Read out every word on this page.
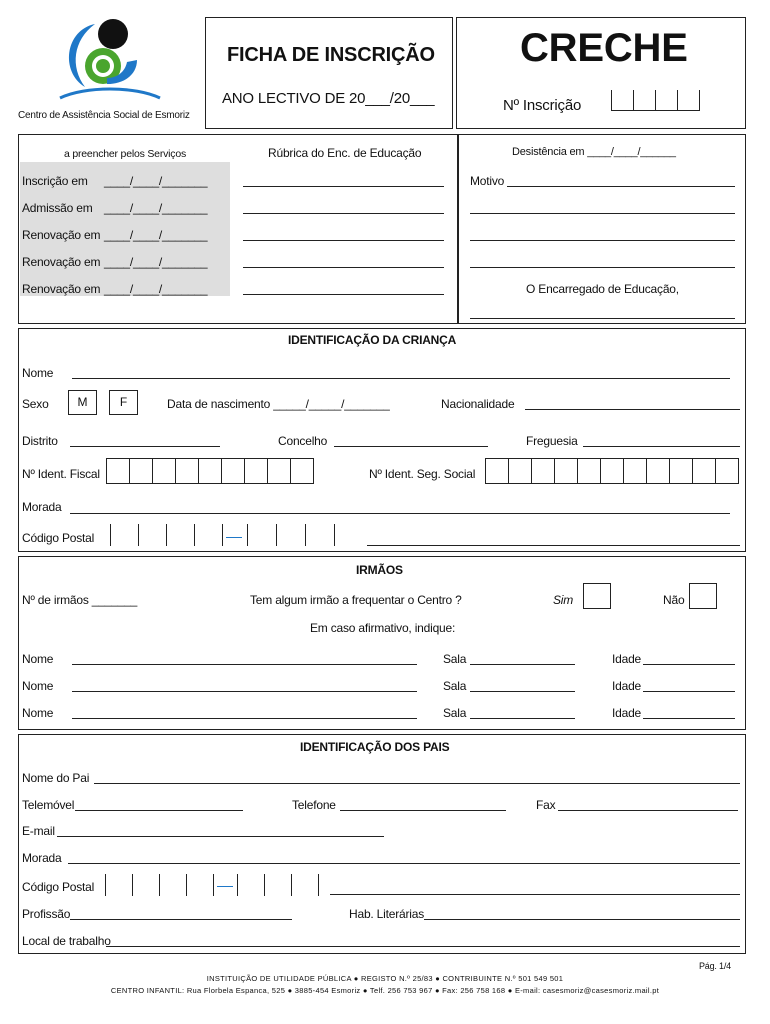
Centro de Assistência Social de Esmoriz
FICHA DE INSCRIÇÃO
ANO LECTIVO DE 20___/20___
CRECHE
Nº Inscrição
a preencher pelos Serviços	Rúbrica do Enc. de Educação
Inscrição em ____/____/_______
Admissão em ____/____/_______
Renovação em ____/____/_______
Renovação em ____/____/_______
Renovação em ____/____/_______
Desistência em ____/____/______
Motivo
O Encarregado de Educação,
IDENTIFICAÇÃO DA CRIANÇA
Nome
Sexo	M	F	Data de nascimento _____/_____/_______	Nacionalidade
Distrito	Concelho	Freguesia
Nº Ident. Fiscal	Nº Ident. Seg. Social
Morada
Código Postal
IRMÃOS
Nº de irmãos _______	Tem algum irmão a frequentar o Centro ?	Sim	Não
Em caso afirmativo, indique:
Nome	Sala	Idade
Nome	Sala	Idade
Nome	Sala	Idade
IDENTIFICAÇÃO DOS PAIS
Nome do Pai
Telemóvel	Telefone	Fax
E-mail
Morada
Código Postal
Profissão	Hab. Literárias
Local de trabalho
Pág. 1/4
INSTITUIÇÃO DE UTILIDADE PÚBLICA ● REGISTO N.º 25/83 ● CONTRIBUINTE N.º 501 549 501
CENTRO INFANTIL: Rua Florbela Espanca, 525 ● 3885-454 Esmoriz ● Telf. 256 753 967 ● Fax: 256 758 168 ● E-mail: casesmoriz@casesmoriz.mail.pt
